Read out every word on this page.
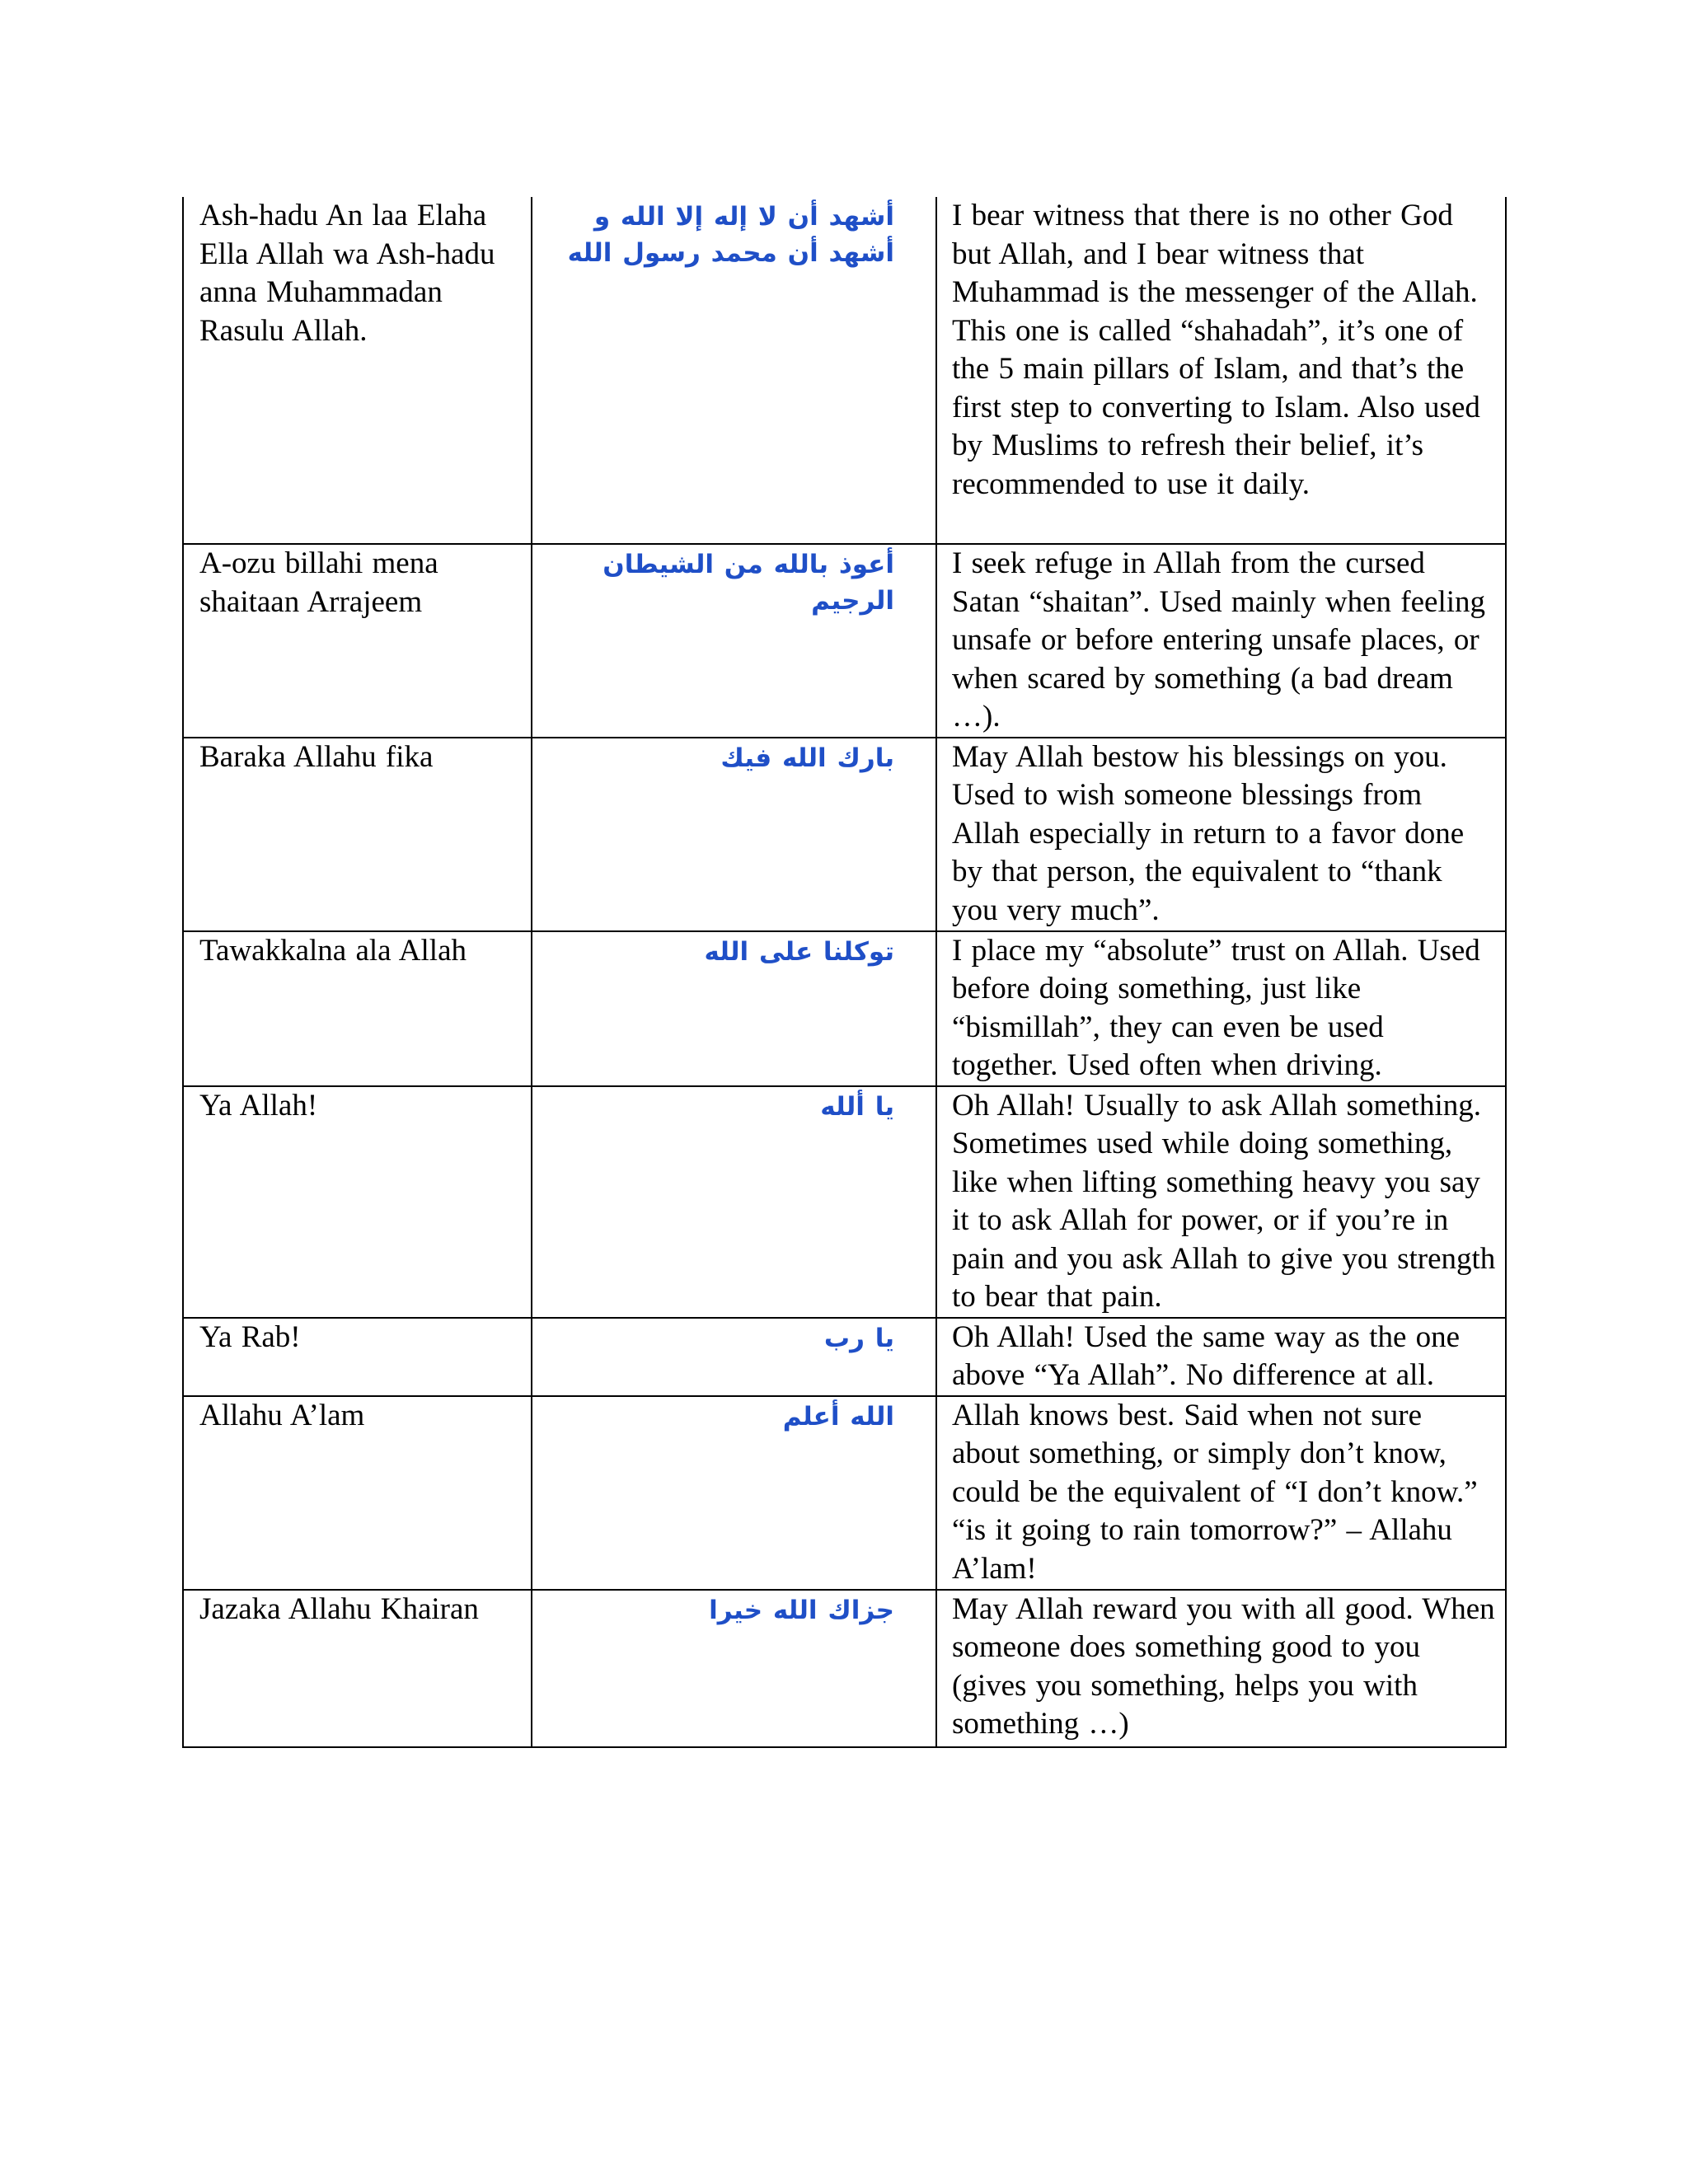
Ash-hadu An laa Elaha Ella Allah wa Ash-hadu anna Muhammadan Rasulu Allah.	أشهد أن لا إله إلا الله و أشهد أن محمد رسول الله	I bear witness that there is no other God but Allah, and I bear witness that Muhammad is the messenger of the Allah. This one is called “shahadah”, it’s one of the 5 main pillars of Islam, and that’s the first step to converting to Islam. Also used by Muslims to refresh their belief, it’s recommended to use it daily.
A-ozu billahi mena shaitaan Arrajeem	أعوذ بالله من الشيطان الرجيم	I seek refuge in Allah from the cursed Satan “shaitan”. Used mainly when feeling unsafe or before entering unsafe places, or when scared by something (a bad dream …).
Baraka Allahu fika	بارك الله فيك	May Allah bestow his blessings on you. Used to wish someone blessings from Allah especially in return to a favor done by that person, the equivalent to “thank you very much”.
Tawakkalna ala Allah	توكلنا على الله	I place my “absolute” trust on Allah. Used before doing something, just like “bismillah”, they can even be used together. Used often when driving.
Ya Allah!	يا ألله	Oh Allah! Usually to ask Allah something. Sometimes used while doing something, like when lifting something heavy you say it to ask Allah for power, or if you’re in pain and you ask Allah to give you strength to bear that pain.
Ya Rab!	يا رب	Oh Allah! Used the same way as the one above “Ya Allah”. No difference at all.
Allahu A’lam	الله أعلم	Allah knows best. Said when not sure about something, or simply don’t know, could be the equivalent of “I don’t know.” “is it going to rain tomorrow?” – Allahu A’lam!
Jazaka Allahu Khairan	جزاك الله خيرا	May Allah reward you with all good. When someone does something good to you (gives you something, helps you with something …)
